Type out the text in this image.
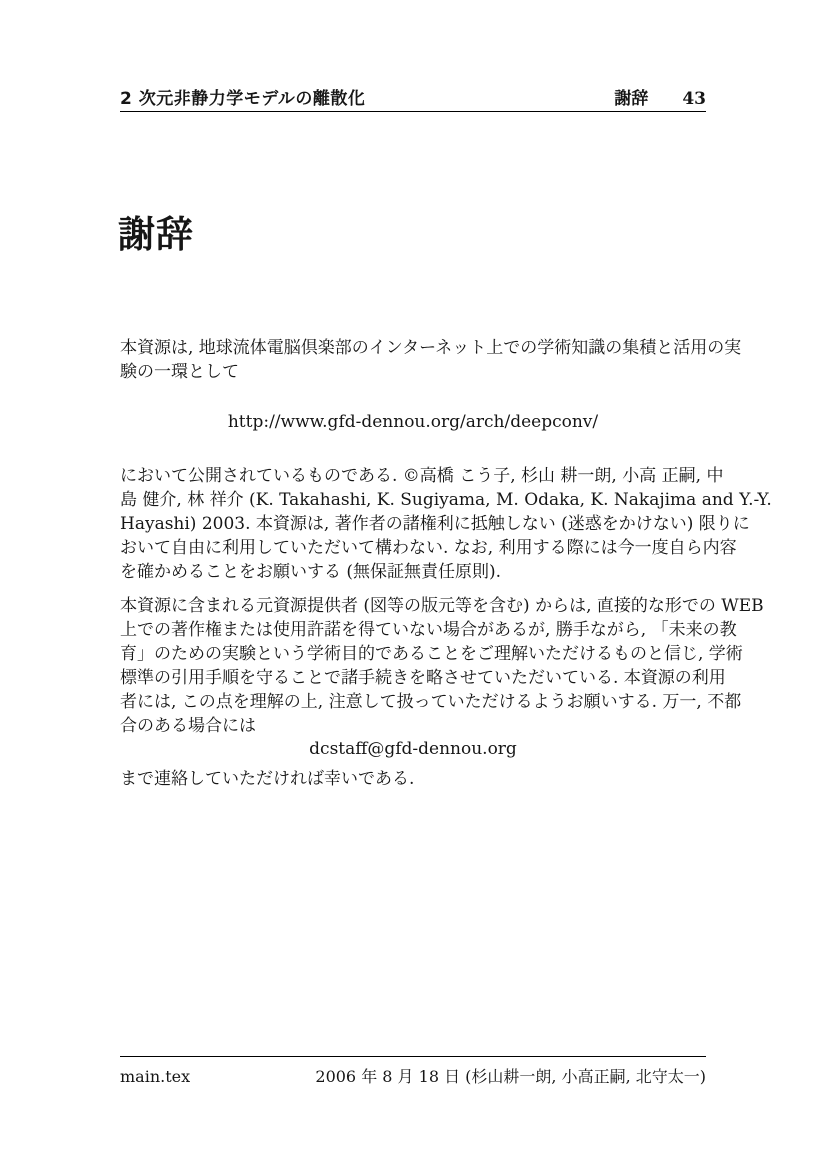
2 次元非静力学モデルの離散化	謝辞 43
謝辞
本資源は, 地球流体電脳倶楽部のインターネット上での学術知識の集積と活用の実
験の一環として
http://www.gfd-dennou.org/arch/deepconv/
において公開されているものである. ©高橋 こう子, 杉山 耕一朗, 小高 正嗣, 中
島 健介, 林 祥介 (K. Takahashi, K. Sugiyama, M. Odaka, K. Nakajima and Y.-Y.
Hayashi) 2003. 本資源は, 著作者の諸権利に抵触しない (迷惑をかけない) 限りに
おいて自由に利用していただいて構わない. なお, 利用する際には今一度自ら内容
を確かめることをお願いする (無保証無責任原則).
本資源に含まれる元資源提供者 (図等の版元等を含む) からは, 直接的な形での WEB
上での著作権または使用許諾を得ていない場合があるが, 勝手ながら, 「未来の教
育」のための実験という学術目的であることをご理解いただけるものと信じ, 学術
標準の引用手順を守ることで諸手続きを略させていただいている. 本資源の利用
者には, この点を理解の上, 注意して扱っていただけるようお願いする. 万一, 不都
合のある場合には
dcstaff@gfd-dennou.org
まで連絡していただければ幸いである.
main.tex	2006 年 8 月 18 日 (杉山耕一朗, 小高正嗣, 北守太一)
